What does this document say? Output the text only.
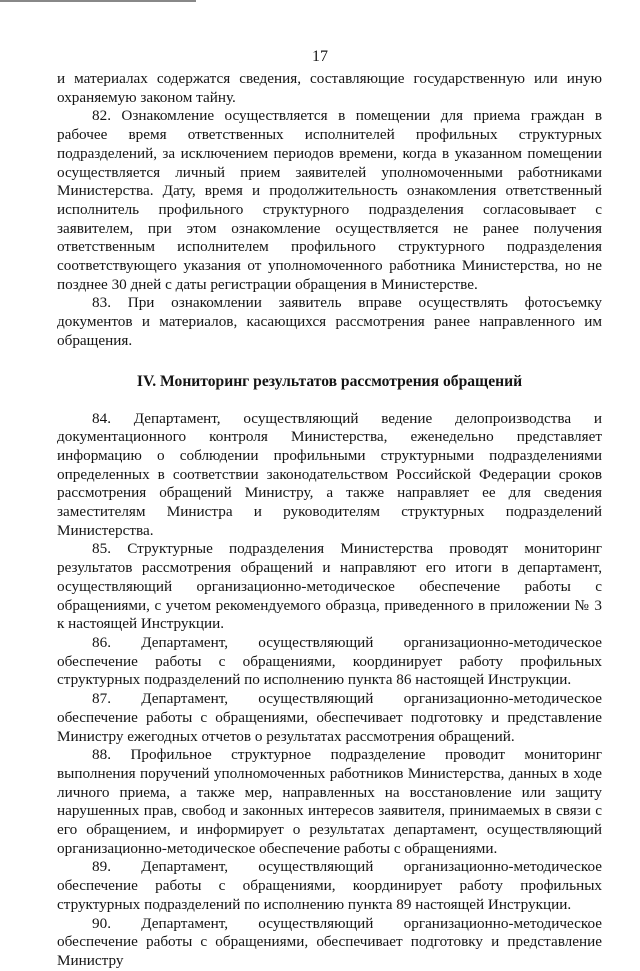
17

и материалах содержатся сведения, составляющие государственную или иную охраняемую законом тайну.

82. Ознакомление осуществляется в помещении для приема граждан в рабочее время ответственных исполнителей профильных структурных подразделений, за исключением периодов времени, когда в указанном помещении осуществляется личный прием заявителей уполномоченными работниками Министерства. Дату, время и продолжительность ознакомления ответственный исполнитель профильного структурного подразделения согласовывает с заявителем, при этом ознакомление осуществляется не ранее получения ответственным исполнителем профильного структурного подразделения соответствующего указания от уполномоченного работника Министерства, но не позднее 30 дней с даты регистрации обращения в Министерстве.

83. При ознакомлении заявитель вправе осуществлять фотосъемку документов и материалов, касающихся рассмотрения ранее направленного им обращения.

IV. Мониторинг результатов рассмотрения обращений

84. Департамент, осуществляющий ведение делопроизводства и документационного контроля Министерства, еженедельно представляет информацию о соблюдении профильными структурными подразделениями определенных в соответствии законодательством Российской Федерации сроков рассмотрения обращений Министру, а также направляет ее для сведения заместителям Министра и руководителям структурных подразделений Министерства.

85. Структурные подразделения Министерства проводят мониторинг результатов рассмотрения обращений и направляют его итоги в департамент, осуществляющий организационно-методическое обеспечение работы с обращениями, с учетом рекомендуемого образца, приведенного в приложении № 3 к настоящей Инструкции.

86. Департамент, осуществляющий организационно-методическое обеспечение работы с обращениями, координирует работу профильных структурных подразделений по исполнению пункта 86 настоящей Инструкции.

87. Департамент, осуществляющий организационно-методическое обеспечение работы с обращениями, обеспечивает подготовку и представление Министру ежегодных отчетов о результатах рассмотрения обращений.

88. Профильное структурное подразделение проводит мониторинг выполнения поручений уполномоченных работников Министерства, данных в ходе личного приема, а также мер, направленных на восстановление или защиту нарушенных прав, свобод и законных интересов заявителя, принимаемых в связи с его обращением, и информирует о результатах департамент, осуществляющий организационно-методическое обеспечение работы с обращениями.

89. Департамент, осуществляющий организационно-методическое обеспечение работы с обращениями, координирует работу профильных структурных подразделений по исполнению пункта 89 настоящей Инструкции.

90. Департамент, осуществляющий организационно-методическое обеспечение работы с обращениями, обеспечивает подготовку и представление Министру
